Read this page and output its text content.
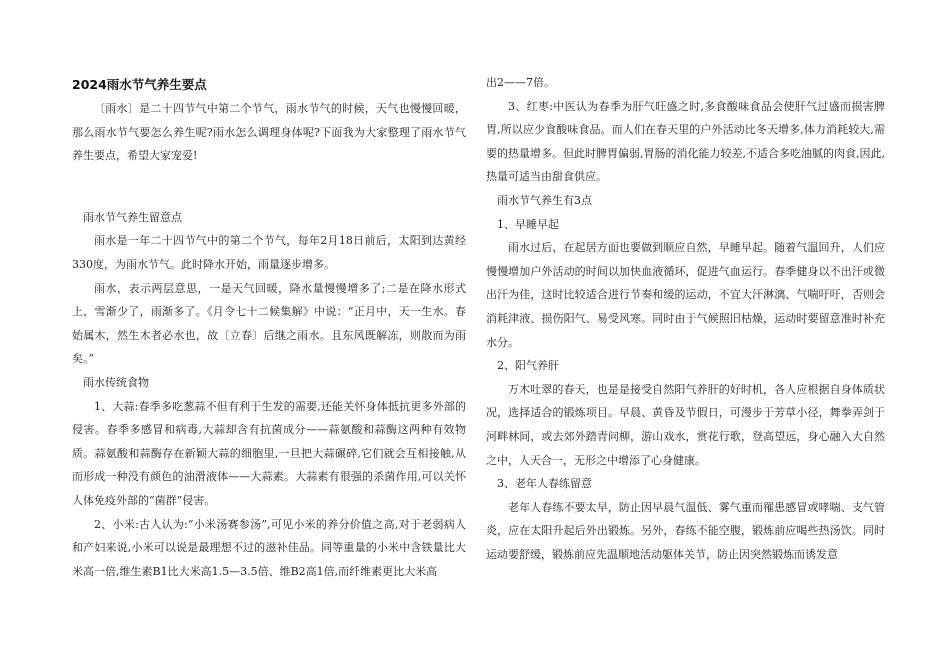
2024雨水节气养生要点

〔雨水〕是二十四节气中第二个节气，雨水节气的时候，天气也慢慢回暖，那么雨水节气要怎么养生呢?雨水怎么调理身体呢?下面我为大家整理了雨水节气养生要点，希望大家宠爱!

雨水节气养生留意点

雨水是一年二十四节气中的第二个节气，每年2月18日前后，太阳到达黄经330度，为雨水节气。此时降水开始，雨量逐步增多。

雨水，表示两层意思，一是天气回暖，降水量慢慢增多了;二是在降水形式上，雪渐少了，雨渐多了。《月令七十二候集解》中说：“正月中，天一生水。春始属木，然生木者必水也，故〔立春〕后继之雨水。且东风既解冻，则散而为雨矣。”

雨水传统食物

1、大蒜:春季多吃葱蒜不但有利于生发的需要,还能关怀身体抵抗更多外部的侵害。春季多感冒和病毒,大蒜却含有抗菌成分——蒜氨酸和蒜酶这两种有效物质。蒜氨酸和蒜酶存在新颖大蒜的细胞里,一旦把大蒜碾碎,它们就会互相接触,从而形成一种没有颜色的油滑液体——大蒜素。大蒜素有很强的杀菌作用,可以关怀人体免疫外部的“菌群”侵害。

2、小米:古人认为:“小米汤赛参汤”,可见小米的养分价值之高,对于老弱病人和产妇来说,小米可以说是最理想不过的滋补佳品。同等重量的小米中含铁量比大米高一倍,维生素B1比大米高1.5—3.5倍、维B2高1倍,而纤维素更比大米高

出2——7倍。

3、红枣:中医认为春季为肝气旺盛之时,多食酸味食品会使肝气过盛而损害脾胃,所以应少食酸味食品。而人们在春天里的户外活动比冬天增多,体力消耗较大,需要的热量增多。但此时脾胃偏弱,胃肠的消化能力较差,不适合多吃油腻的肉食,因此,热量可适当由甜食供应。

雨水节气养生有3点

1、早睡早起

雨水过后，在起居方面也要做到顺应自然，早睡早起。随着气温回升，人们应慢慢增加户外活动的时间以加快血液循环，促进气血运行。春季健身以不出汗或微出汗为佳，这时比较适合进行节奏和缓的运动，不宜大汗淋漓、气喘吁吁，否则会消耗津液、损伤阳气、易受风寒。同时由于气候照旧枯燥，运动时要留意准时补充水分。

2、阳气养肝

万木吐翠的春天，也是是接受自然阳气养肝的好时机，各人应根据自身体质状况，选择适合的锻炼项目。早晨、黄昏及节假日，可漫步于芳草小径，舞拳弄剑于河畔林间，或去郊外踏青问柳，游山戏水，赏花行歌，登高望远，身心融入大自然之中，人天合一，无形之中增添了心身健康。

3、老年人春练留意

老年人春练不要太早，防止因早晨气温低、雾气重而罹患感冒或哮喘、支气管炎，应在太阳升起后外出锻炼。另外，春练不能空腹，锻炼前应喝些热汤饮。同时运动要舒缓，锻炼前应先温顺地活动躯体关节，防止因突然锻炼而诱发意
